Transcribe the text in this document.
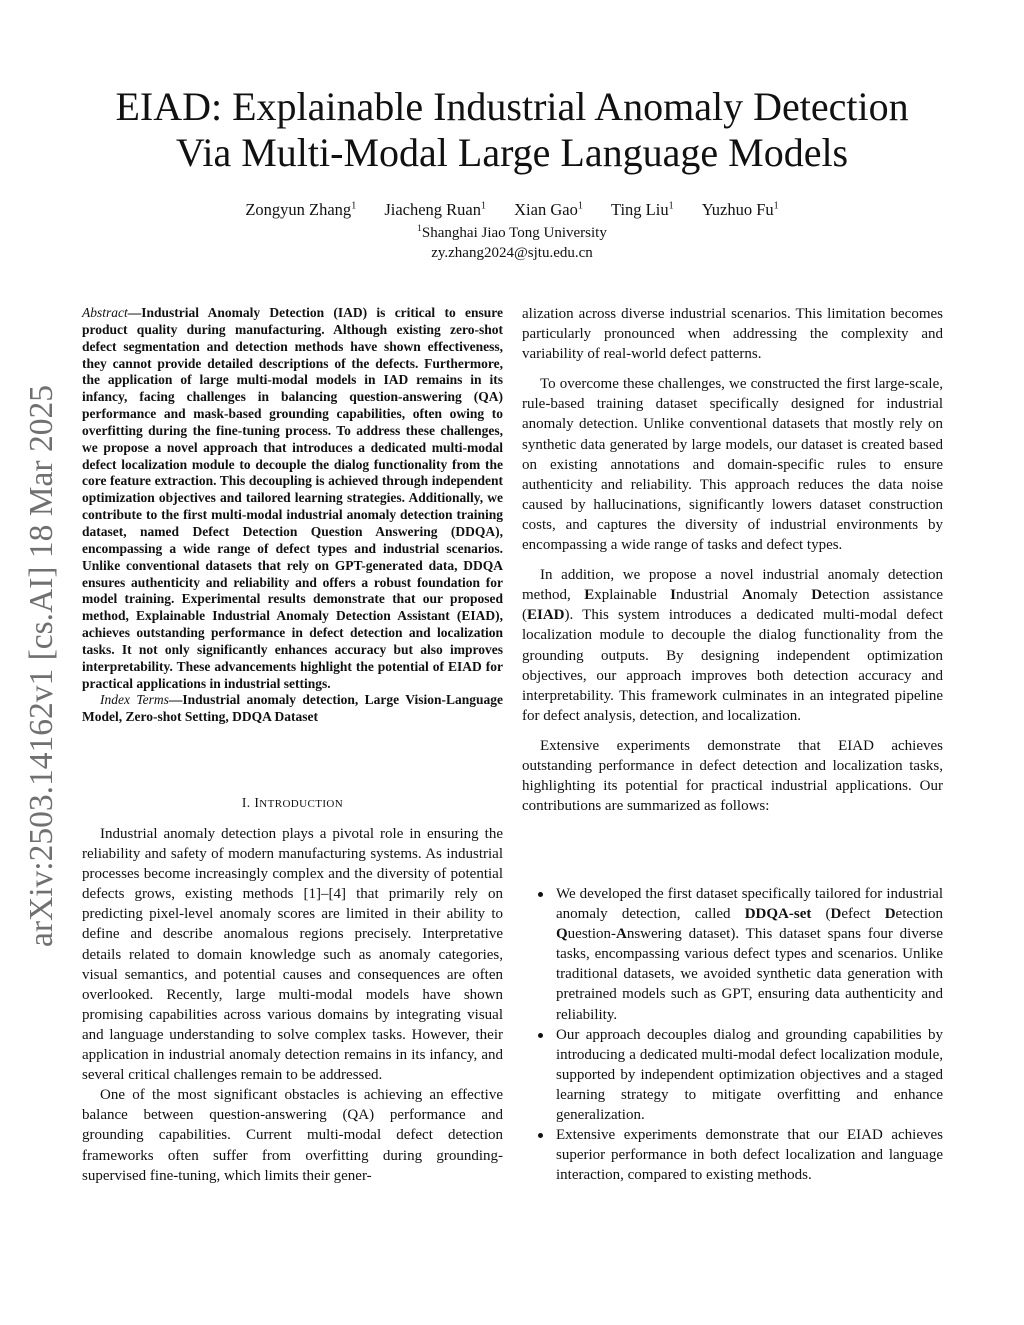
arXiv:2503.14162v1 [cs.AI] 18 Mar 2025
EIAD: Explainable Industrial Anomaly Detection
Via Multi-Modal Large Language Models
Zongyun Zhang$^1$ Jiacheng Ruan$^1$ Xian Gao$^1$ Ting Liu$^1$ Yuzhuo Fu$^1$
$^1$Shanghai Jiao Tong University
zy.zhang2024@sjtu.edu.cn
Abstract—Industrial Anomaly Detection (IAD) is critical to ensure product quality during manufacturing. Although existing zero-shot defect segmentation and detection methods have shown effectiveness, they cannot provide detailed descriptions of the defects. Furthermore, the application of large multi-modal models in IAD remains in its infancy, facing challenges in balancing question-answering (QA) performance and mask-based grounding capabilities, often owing to overfitting during the fine-tuning process. To address these challenges, we propose a novel approach that introduces a dedicated multi-modal defect localization module to decouple the dialog functionality from the core feature extraction. This decoupling is achieved through independent optimization objectives and tailored learning strategies. Additionally, we contribute to the first multi-modal industrial anomaly detection training dataset, named Defect Detection Question Answering (DDQA), encompassing a wide range of defect types and industrial scenarios. Unlike conventional datasets that rely on GPT-generated data, DDQA ensures authenticity and reliability and offers a robust foundation for model training. Experimental results demonstrate that our proposed method, Explainable Industrial Anomaly Detection Assistant (EIAD), achieves outstanding performance in defect detection and localization tasks. It not only significantly enhances accuracy but also improves interpretability. These advancements highlight the potential of EIAD for practical applications in industrial settings.
Index Terms—Industrial anomaly detection, Large Vision-Language Model, Zero-shot Setting, DDQA Dataset
I. INTRODUCTION

Industrial anomaly detection plays a pivotal role in ensuring the reliability and safety of modern manufacturing systems. As industrial processes become increasingly complex and the diversity of potential defects grows, existing methods [1]–[4] that primarily rely on predicting pixel-level anomaly scores are limited in their ability to define and describe anomalous regions precisely. Interpretative details related to domain knowledge such as anomaly categories, visual semantics, and potential causes and consequences are often overlooked. Recently, large multi-modal models have shown promising capabilities across various domains by integrating visual and language understanding to solve complex tasks. However, their application in industrial anomaly detection remains in its infancy, and several critical challenges remain to be addressed.

One of the most significant obstacles is achieving an effective balance between question-answering (QA) performance and grounding capabilities. Current multi-modal defect detection frameworks often suffer from overfitting during grounding-supervised fine-tuning, which limits their gener-

alization across diverse industrial scenarios. This limitation becomes particularly pronounced when addressing the complexity and variability of real-world defect patterns.

To overcome these challenges, we constructed the first large-scale, rule-based training dataset specifically designed for industrial anomaly detection. Unlike conventional datasets that mostly rely on synthetic data generated by large models, our dataset is created based on existing annotations and domain-specific rules to ensure authenticity and reliability. This approach reduces the data noise caused by hallucinations, significantly lowers dataset construction costs, and captures the diversity of industrial environments by encompassing a wide range of tasks and defect types.

In addition, we propose a novel industrial anomaly detection method, Explainable Industrial Anomaly Detection assistance (EIAD). This system introduces a dedicated multi-modal defect localization module to decouple the dialog functionality from the grounding outputs. By designing independent optimization objectives, our approach improves both detection accuracy and interpretability. This framework culminates in an integrated pipeline for defect analysis, detection, and localization.

Extensive experiments demonstrate that EIAD achieves outstanding performance in defect detection and localization tasks, highlighting its potential for practical industrial applications. Our contributions are summarized as follows:

We developed the first dataset specifically tailored for industrial anomaly detection, called DDQA-set (Defect Detection Question-Answering dataset). This dataset spans four diverse tasks, encompassing various defect types and scenarios. Unlike traditional datasets, we avoided synthetic data generation with pretrained models such as GPT, ensuring data authenticity and reliability.
Our approach decouples dialog and grounding capabilities by introducing a dedicated multi-modal defect localization module, supported by independent optimization objectives and a staged learning strategy to mitigate overfitting and enhance generalization.
Extensive experiments demonstrate that our EIAD achieves superior performance in both defect localization and language interaction, compared to existing methods.
